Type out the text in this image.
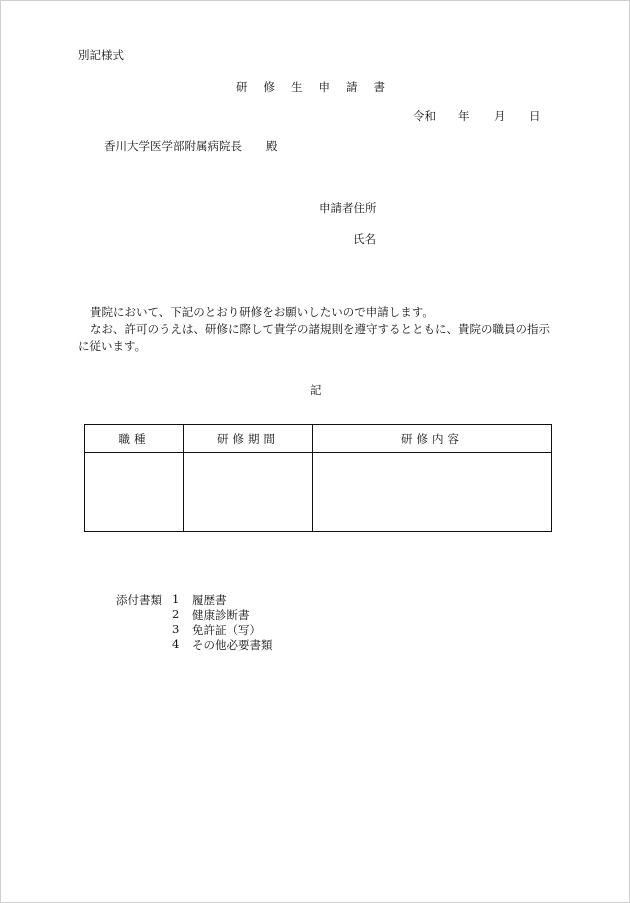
別記様式
研修生申請書
令和 年 月 日
香川大学医学部附属病院長 殿
申請者住所
氏名
貴院において、下記のとおり研修をお願いしたいので申請します。
なお、許可のうえは、研修に際して貴学の諸規則を遵守するとともに、貴院の職員の指示に従います。
記
職種	研修期間	研修内容

添付書類 1 履歴書
2 健康診断書
3 免許証（写）
4 その他必要書類
